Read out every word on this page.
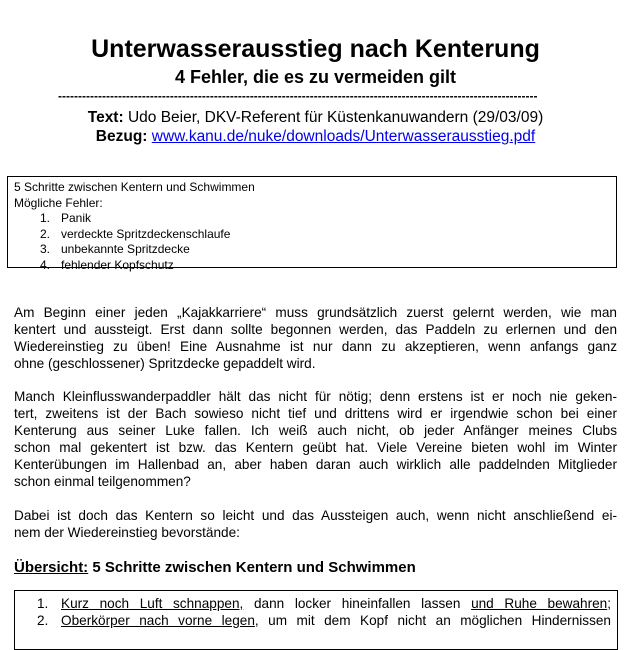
Unterwasserausstieg nach Kenterung
4 Fehler, die es zu vermeiden gilt
------------------------------------------------------------------------------------------------------------------------
Text: Udo Beier, DKV-Referent für Küstenkanuwandern (29/03/09)
Bezug: www.kanu.de/nuke/downloads/Unterwasserausstieg.pdf
5 Schritte zwischen Kentern und Schwimmen
Mögliche Fehler:
1. Panik
2. verdeckte Spritzdeckenschlaufe
3. unbekannte Spritzdecke
4. fehlender Kopfschutz
Am Beginn einer jeden „Kajakkarriere“ muss grundsätzlich zuerst gelernt werden, wie man
kentert und aussteigt. Erst dann sollte begonnen werden, das Paddeln zu erlernen und den
Wiedereinstieg zu üben! Eine Ausnahme ist nur dann zu akzeptieren, wenn anfangs ganz
ohne (geschlossener) Spritzdecke gepaddelt wird.
Manch Kleinflusswanderpaddler hält das nicht für nötig; denn erstens ist er noch nie geken-
tert, zweitens ist der Bach sowieso nicht tief und drittens wird er irgendwie schon bei einer
Kenterung aus seiner Luke fallen. Ich weiß auch nicht, ob jeder Anfänger meines Clubs
schon mal gekentert ist bzw. das Kentern geübt hat. Viele Vereine bieten wohl im Winter
Kenterübungen im Hallenbad an, aber haben daran auch wirklich alle paddelnden Mitglieder
schon einmal teilgenommen?
Dabei ist doch das Kentern so leicht und das Aussteigen auch, wenn nicht anschließend ei-
nem der Wiedereinstieg bevorstände:
Übersicht: 5 Schritte zwischen Kentern und Schwimmen
1. Kurz noch Luft schnappen, dann locker hineinfallen lassen und Ruhe bewahren;
2. Oberkörper nach vorne legen, um mit dem Kopf nicht an möglichen Hindernissen
